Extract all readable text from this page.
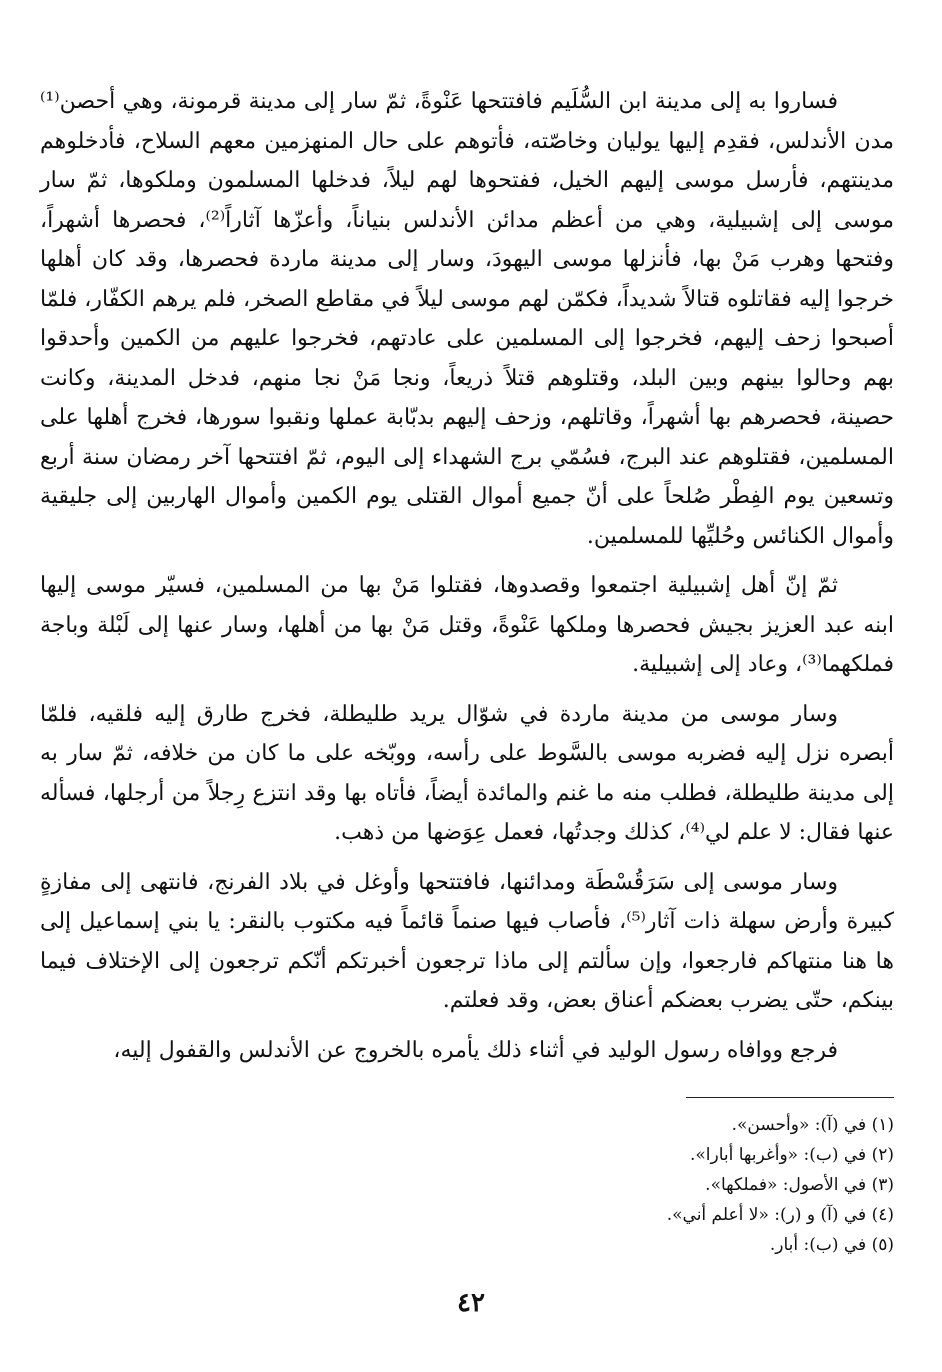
فساروا به إلى مدينة ابن السُّلَيم فافتتحها عَنْوةً، ثمّ سار إلى مدينة قرمونة، وهي أحصن⁽¹⁾ مدن الأندلس، فقدِم إليها يوليان وخاصّته، فأتوهم على حال المنهزمين معهم السلاح، فأدخلوهم مدينتهم، فأرسل موسى إليهم الخيل، ففتحوها لهم ليلاً، فدخلها المسلمون وملكوها، ثمّ سار موسى إلى إشبيلية، وهي من أعظم مدائن الأندلس بنياناً، وأعزّها آثاراً⁽²⁾، فحصرها أشهراً، وفتحها وهرب مَنْ بها، فأنزلها موسى اليهودَ، وسار إلى مدينة ماردة فحصرها، وقد كان أهلها خرجوا إليه فقاتلوه قتالاً شديداً، فكمّن لهم موسى ليلاً في مقاطع الصخر، فلم يرهم الكفّار، فلمّا أصبحوا زحف إليهم، فخرجوا إلى المسلمين على عادتهم، فخرجوا عليهم من الكمين وأحدقوا بهم وحالوا بينهم وبين البلد، وقتلوهم قتلاً ذريعاً، ونجا مَنْ نجا منهم، فدخل المدينة، وكانت حصينة، فحصرهم بها أشهراً، وقاتلهم، وزحف إليهم بدبّابة عملها ونقبوا سورها، فخرج أهلها على المسلمين، فقتلوهم عند البرج، فسُمّي برج الشهداء إلى اليوم، ثمّ افتتحها آخر رمضان سنة أربع وتسعين يوم الفِطْر صُلحاً على أنّ جميع أموال القتلى يوم الكمين وأموال الهاربين إلى جليقية وأموال الكنائس وحُليِّها للمسلمين.

ثمّ إنّ أهل إشبيلية اجتمعوا وقصدوها، فقتلوا مَنْ بها من المسلمين، فسيّر موسى إليها ابنه عبد العزيز بجيش فحصرها وملكها عَنْوةً، وقتل مَنْ بها من أهلها، وسار عنها إلى لَبْلة وباجة فملكهما⁽³⁾، وعاد إلى إشبيلية.

وسار موسى من مدينة ماردة في شوّال يريد طليطلة، فخرج طارق إليه فلقيه، فلمّا أبصره نزل إليه فضربه موسى بالسَّوط على رأسه، ووبّخه على ما كان من خلافه، ثمّ سار به إلى مدينة طليطلة، فطلب منه ما غنم والمائدة أيضاً، فأتاه بها وقد انتزع رِجلاً من أرجلها، فسأله عنها فقال: لا علم لي⁽⁴⁾، كذلك وجدتُها، فعمل عِوَضها من ذهب.

وسار موسى إلى سَرَقُسْطَة ومدائنها، فافتتحها وأوغل في بلاد الفرنج، فانتهى إلى مفازةٍ كبيرة وأرض سهلة ذات آثار⁽⁵⁾، فأصاب فيها صنماً قائماً فيه مكتوب بالنقر: يا بني إسماعيل إلى ها هنا منتهاكم فارجعوا، وإن سألتم إلى ماذا ترجعون أخبرتكم أنّكم ترجعون إلى الإختلاف فيما بينكم، حتّى يضرب بعضكم أعناق بعض، وقد فعلتم.

فرجع ووافاه رسول الوليد في أثناء ذلك يأمره بالخروج عن الأندلس والقفول إليه،

(١) في (آ): «وأحسن».

(٢) في (ب): «وأغربها أبارا».

(٣) في الأصول: «فملكها».

(٤) في (آ) و (ر): «لا أعلم أني».

(٥) في (ب): أبار.

٤٢
